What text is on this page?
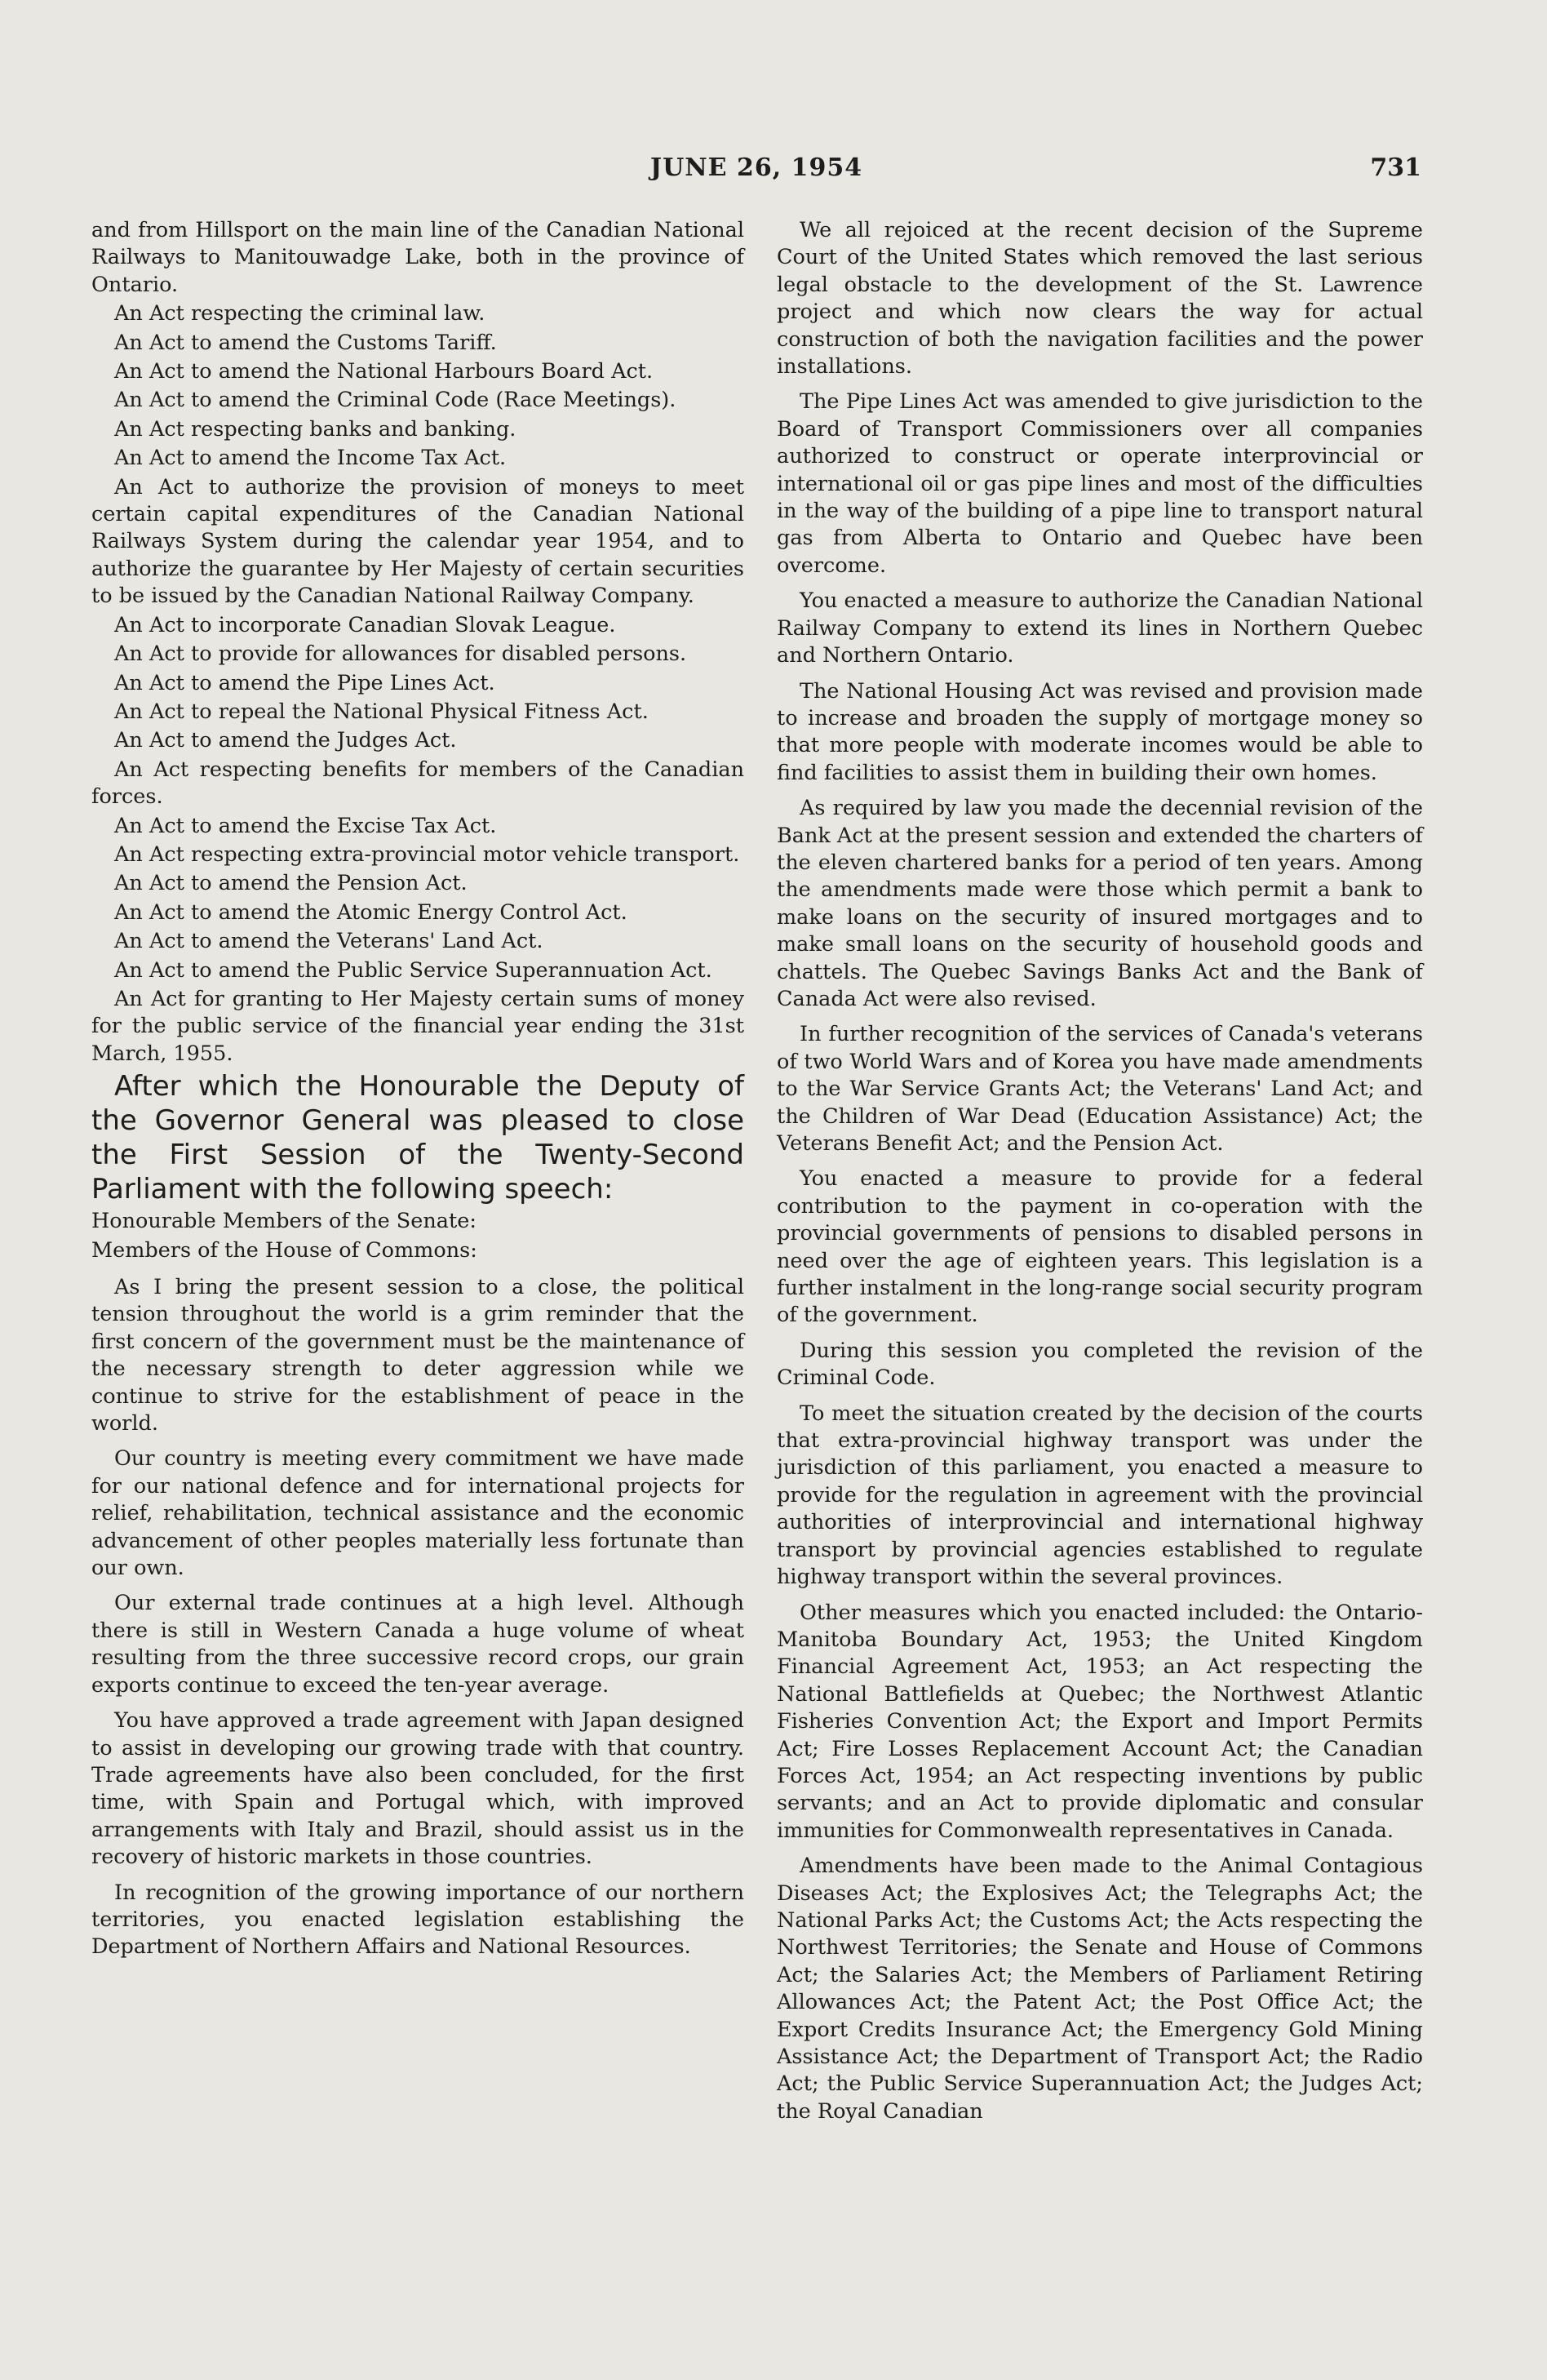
JUNE 26, 1954	731

and from Hillsport on the main line of the Canadian National Railways to Manitouwadge Lake, both in the province of Ontario.

An Act respecting the criminal law.

An Act to amend the Customs Tariff.

An Act to amend the National Harbours Board Act.

An Act to amend the Criminal Code (Race Meetings).

An Act respecting banks and banking.

An Act to amend the Income Tax Act.

An Act to authorize the provision of moneys to meet certain capital expenditures of the Canadian National Railways System during the calendar year 1954, and to authorize the guarantee by Her Majesty of certain securities to be issued by the Canadian National Railway Company.

An Act to incorporate Canadian Slovak League.

An Act to provide for allowances for disabled persons.

An Act to amend the Pipe Lines Act.

An Act to repeal the National Physical Fitness Act.

An Act to amend the Judges Act.

An Act respecting benefits for members of the Canadian forces.

An Act to amend the Excise Tax Act.

An Act respecting extra-provincial motor vehicle transport.

An Act to amend the Pension Act.

An Act to amend the Atomic Energy Control Act.

An Act to amend the Veterans' Land Act.

An Act to amend the Public Service Superannuation Act.

An Act for granting to Her Majesty certain sums of money for the public service of the financial year ending the 31st March, 1955.

After which the Honourable the Deputy of the Governor General was pleased to close the First Session of the Twenty-Second Parliament with the following speech:

Honourable Members of the Senate:

Members of the House of Commons:

As I bring the present session to a close, the political tension throughout the world is a grim reminder that the first concern of the government must be the maintenance of the necessary strength to deter aggression while we continue to strive for the establishment of peace in the world.

Our country is meeting every commitment we have made for our national defence and for international projects for relief, rehabilitation, technical assistance and the economic advancement of other peoples materially less fortunate than our own.

Our external trade continues at a high level. Although there is still in Western Canada a huge volume of wheat resulting from the three successive record crops, our grain exports continue to exceed the ten-year average.

You have approved a trade agreement with Japan designed to assist in developing our growing trade with that country. Trade agreements have also been concluded, for the first time, with Spain and Portugal which, with improved arrangements with Italy and Brazil, should assist us in the recovery of historic markets in those countries.

In recognition of the growing importance of our northern territories, you enacted legislation establishing the Department of Northern Affairs and National Resources.

We all rejoiced at the recent decision of the Supreme Court of the United States which removed the last serious legal obstacle to the development of the St. Lawrence project and which now clears the way for actual construction of both the navigation facilities and the power installations.

The Pipe Lines Act was amended to give jurisdiction to the Board of Transport Commissioners over all companies authorized to construct or operate interprovincial or international oil or gas pipe lines and most of the difficulties in the way of the building of a pipe line to transport natural gas from Alberta to Ontario and Quebec have been overcome.

You enacted a measure to authorize the Canadian National Railway Company to extend its lines in Northern Quebec and Northern Ontario.

The National Housing Act was revised and provision made to increase and broaden the supply of mortgage money so that more people with moderate incomes would be able to find facilities to assist them in building their own homes.

As required by law you made the decennial revision of the Bank Act at the present session and extended the charters of the eleven chartered banks for a period of ten years. Among the amendments made were those which permit a bank to make loans on the security of insured mortgages and to make small loans on the security of household goods and chattels. The Quebec Savings Banks Act and the Bank of Canada Act were also revised.

In further recognition of the services of Canada's veterans of two World Wars and of Korea you have made amendments to the War Service Grants Act; the Veterans' Land Act; and the Children of War Dead (Education Assistance) Act; the Veterans Benefit Act; and the Pension Act.

You enacted a measure to provide for a federal contribution to the payment in co-operation with the provincial governments of pensions to disabled persons in need over the age of eighteen years. This legislation is a further instalment in the long-range social security program of the government.

During this session you completed the revision of the Criminal Code.

To meet the situation created by the decision of the courts that extra-provincial highway transport was under the jurisdiction of this parliament, you enacted a measure to provide for the regulation in agreement with the provincial authorities of interprovincial and international highway transport by provincial agencies established to regulate highway transport within the several provinces.

Other measures which you enacted included: the Ontario-Manitoba Boundary Act, 1953; the United Kingdom Financial Agreement Act, 1953; an Act respecting the National Battlefields at Quebec; the Northwest Atlantic Fisheries Convention Act; the Export and Import Permits Act; Fire Losses Replacement Account Act; the Canadian Forces Act, 1954; an Act respecting inventions by public servants; and an Act to provide diplomatic and consular immunities for Commonwealth representatives in Canada.

Amendments have been made to the Animal Contagious Diseases Act; the Explosives Act; the Telegraphs Act; the National Parks Act; the Customs Act; the Acts respecting the Northwest Territories; the Senate and House of Commons Act; the Salaries Act; the Members of Parliament Retiring Allowances Act; the Patent Act; the Post Office Act; the Export Credits Insurance Act; the Emergency Gold Mining Assistance Act; the Department of Transport Act; the Radio Act; the Public Service Superannuation Act; the Judges Act; the Royal Canadian
